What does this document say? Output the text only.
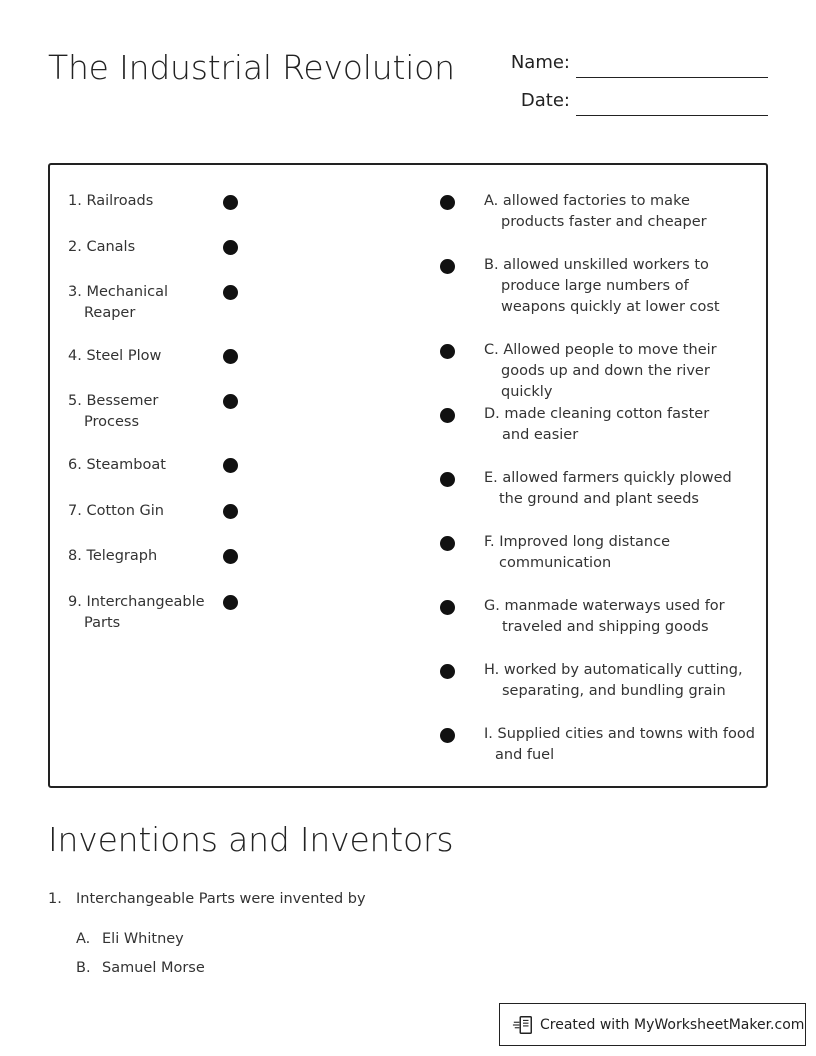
The Industrial Revolution	Name:
Date:
1. Railroads
2. Canals
3. Mechanical Reaper
4. Steel Plow
5. Bessemer Process
6. Steamboat
7. Cotton Gin
8. Telegraph
9. Interchangeable Parts
A. allowed factories to make products faster and cheaper
B. allowed unskilled workers to produce large numbers of weapons quickly at lower cost
C. Allowed people to move their goods up and down the river quickly
D. made cleaning cotton faster and easier
E. allowed farmers quickly plowed the ground and plant seeds
F. Improved long distance communication
G. manmade waterways used for traveled and shipping goods
H. worked by automatically cutting, separating, and bundling grain
I. Supplied cities and towns with food and fuel
Inventions and Inventors
1. Interchangeable Parts were invented by
A. Eli Whitney
B. Samuel Morse
Created with MyWorksheetMaker.com
